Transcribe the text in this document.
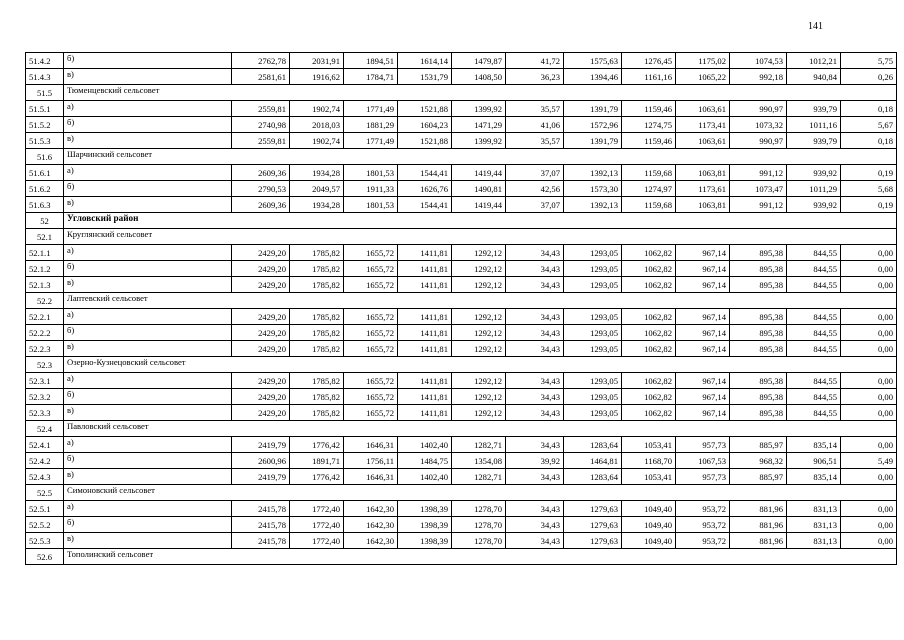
141
51.4.2	б)	2762,78	2031,91	1894,51	1614,14	1479,87	41,72	1575,63	1276,45	1175,02	1074,53	1012,21	5,75
51.4.3	в)	2581,61	1916,62	1784,71	1531,79	1408,50	36,23	1394,46	1161,16	1065,22	992,18	940,84	0,26
51.5	Тюменцевский сельсовет												
51.5.1	а)	2559,81	1902,74	1771,49	1521,88	1399,92	35,57	1391,79	1159,46	1063,61	990,97	939,79	0,18
51.5.2	б)	2740,98	2018,03	1881,29	1604,23	1471,29	41,06	1572,96	1274,75	1173,41	1073,32	1011,16	5,67
51.5.3	в)	2559,81	1902,74	1771,49	1521,88	1399,92	35,57	1391,79	1159,46	1063,61	990,97	939,79	0,18
51.6	Шарчинский сельсовет												
51.6.1	а)	2609,36	1934,28	1801,53	1544,41	1419,44	37,07	1392,13	1159,68	1063,81	991,12	939,92	0,19
51.6.2	б)	2790,53	2049,57	1911,33	1626,76	1490,81	42,56	1573,30	1274,97	1173,61	1073,47	1011,29	5,68
51.6.3	в)	2609,36	1934,28	1801,53	1544,41	1419,44	37,07	1392,13	1159,68	1063,81	991,12	939,92	0,19
52	Угловский район												
52.1	Круглянский сельсовет												
52.1.1	а)	2429,20	1785,82	1655,72	1411,81	1292,12	34,43	1293,05	1062,82	967,14	895,38	844,55	0,00
52.1.2	б)	2429,20	1785,82	1655,72	1411,81	1292,12	34,43	1293,05	1062,82	967,14	895,38	844,55	0,00
52.1.3	в)	2429,20	1785,82	1655,72	1411,81	1292,12	34,43	1293,05	1062,82	967,14	895,38	844,55	0,00
52.2	Лаптевский сельсовет												
52.2.1	а)	2429,20	1785,82	1655,72	1411,81	1292,12	34,43	1293,05	1062,82	967,14	895,38	844,55	0,00
52.2.2	б)	2429,20	1785,82	1655,72	1411,81	1292,12	34,43	1293,05	1062,82	967,14	895,38	844,55	0,00
52.2.3	в)	2429,20	1785,82	1655,72	1411,81	1292,12	34,43	1293,05	1062,82	967,14	895,38	844,55	0,00
52.3	Озерно-Кузнецовский сельсовет												
52.3.1	а)	2429,20	1785,82	1655,72	1411,81	1292,12	34,43	1293,05	1062,82	967,14	895,38	844,55	0,00
52.3.2	б)	2429,20	1785,82	1655,72	1411,81	1292,12	34,43	1293,05	1062,82	967,14	895,38	844,55	0,00
52.3.3	в)	2429,20	1785,82	1655,72	1411,81	1292,12	34,43	1293,05	1062,82	967,14	895,38	844,55	0,00
52.4	Павловский сельсовет												
52.4.1	а)	2419,79	1776,42	1646,31	1402,40	1282,71	34,43	1283,64	1053,41	957,73	885,97	835,14	0,00
52.4.2	б)	2600,96	1891,71	1756,11	1484,75	1354,08	39,92	1464,81	1168,70	1067,53	968,32	906,51	5,49
52.4.3	в)	2419,79	1776,42	1646,31	1402,40	1282,71	34,43	1283,64	1053,41	957,73	885,97	835,14	0,00
52.5	Симоновский сельсовет												
52.5.1	а)	2415,78	1772,40	1642,30	1398,39	1278,70	34,43	1279,63	1049,40	953,72	881,96	831,13	0,00
52.5.2	б)	2415,78	1772,40	1642,30	1398,39	1278,70	34,43	1279,63	1049,40	953,72	881,96	831,13	0,00
52.5.3	в)	2415,78	1772,40	1642,30	1398,39	1278,70	34,43	1279,63	1049,40	953,72	881,96	831,13	0,00
52.6	Тополинский сельсовет												
